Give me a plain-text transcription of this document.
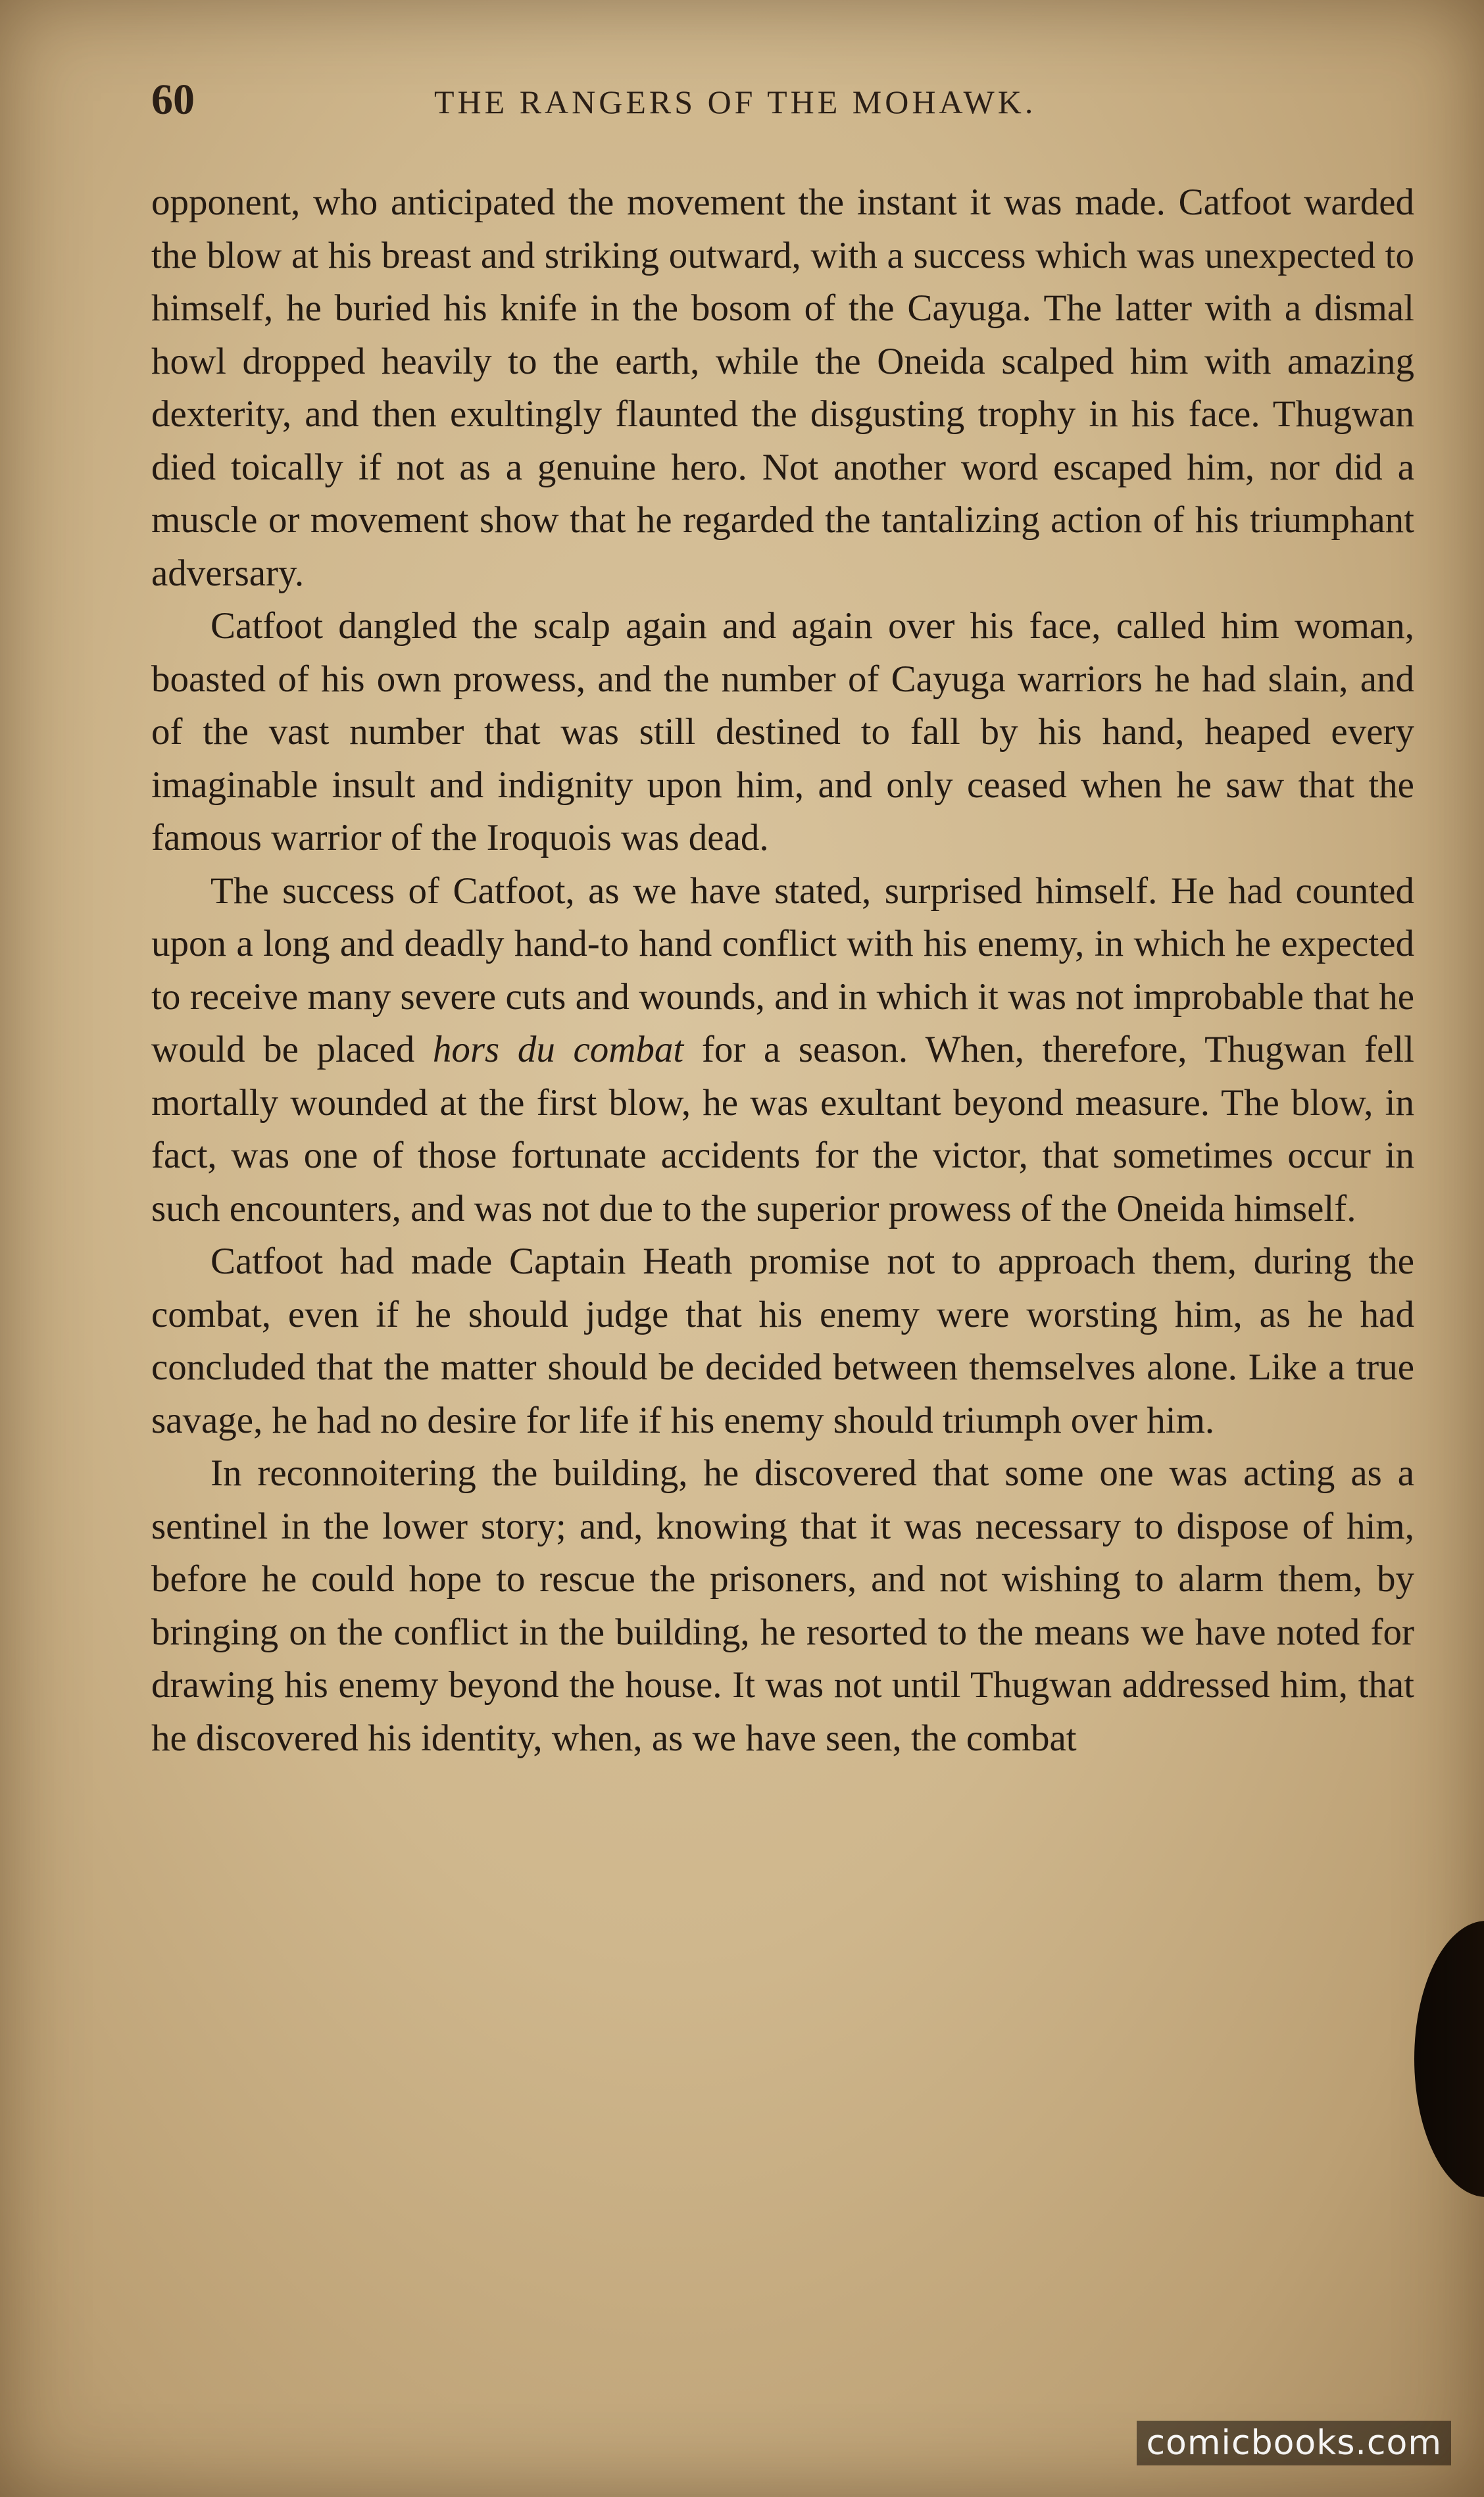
60	THE RANGERS OF THE MOHAWK.

opponent, who anticipated the movement the instant it was made. Catfoot warded the blow at his breast and striking outward, with a success which was unexpected to himself, he buried his knife in the bosom of the Cayuga. The latter with a dismal howl dropped heavily to the earth, while the Oneida scalped him with amazing dexterity, and then exultingly flaunted the disgusting trophy in his face. Thugwan died toically if not as a genuine hero. Not another word escaped him, nor did a muscle or movement show that he regarded the tantalizing action of his triumphant adversary.

Catfoot dangled the scalp again and again over his face, called him woman, boasted of his own prowess, and the number of Cayuga warriors he had slain, and of the vast number that was still destined to fall by his hand, heaped every imaginable insult and indignity upon him, and only ceased when he saw that the famous warrior of the Iroquois was dead.

The success of Catfoot, as we have stated, surprised himself. He had counted upon a long and deadly hand-to hand conflict with his enemy, in which he expected to receive many severe cuts and wounds, and in which it was not improbable that he would be placed hors du combat for a season. When, therefore, Thugwan fell mortally wounded at the first blow, he was exultant beyond measure. The blow, in fact, was one of those fortunate accidents for the victor, that sometimes occur in such encounters, and was not due to the superior prowess of the Oneida himself.

Catfoot had made Captain Heath promise not to approach them, during the combat, even if he should judge that his enemy were worsting him, as he had concluded that the matter should be decided between themselves alone. Like a true savage, he had no desire for life if his enemy should triumph over him.

In reconnoitering the building, he discovered that some one was acting as a sentinel in the lower story; and, knowing that it was necessary to dispose of him, before he could hope to rescue the prisoners, and not wishing to alarm them, by bringing on the conflict in the building, he resorted to the means we have noted for drawing his enemy beyond the house. It was not until Thugwan addressed him, that he discovered his identity, when, as we have seen, the combat

comicbooks.com
